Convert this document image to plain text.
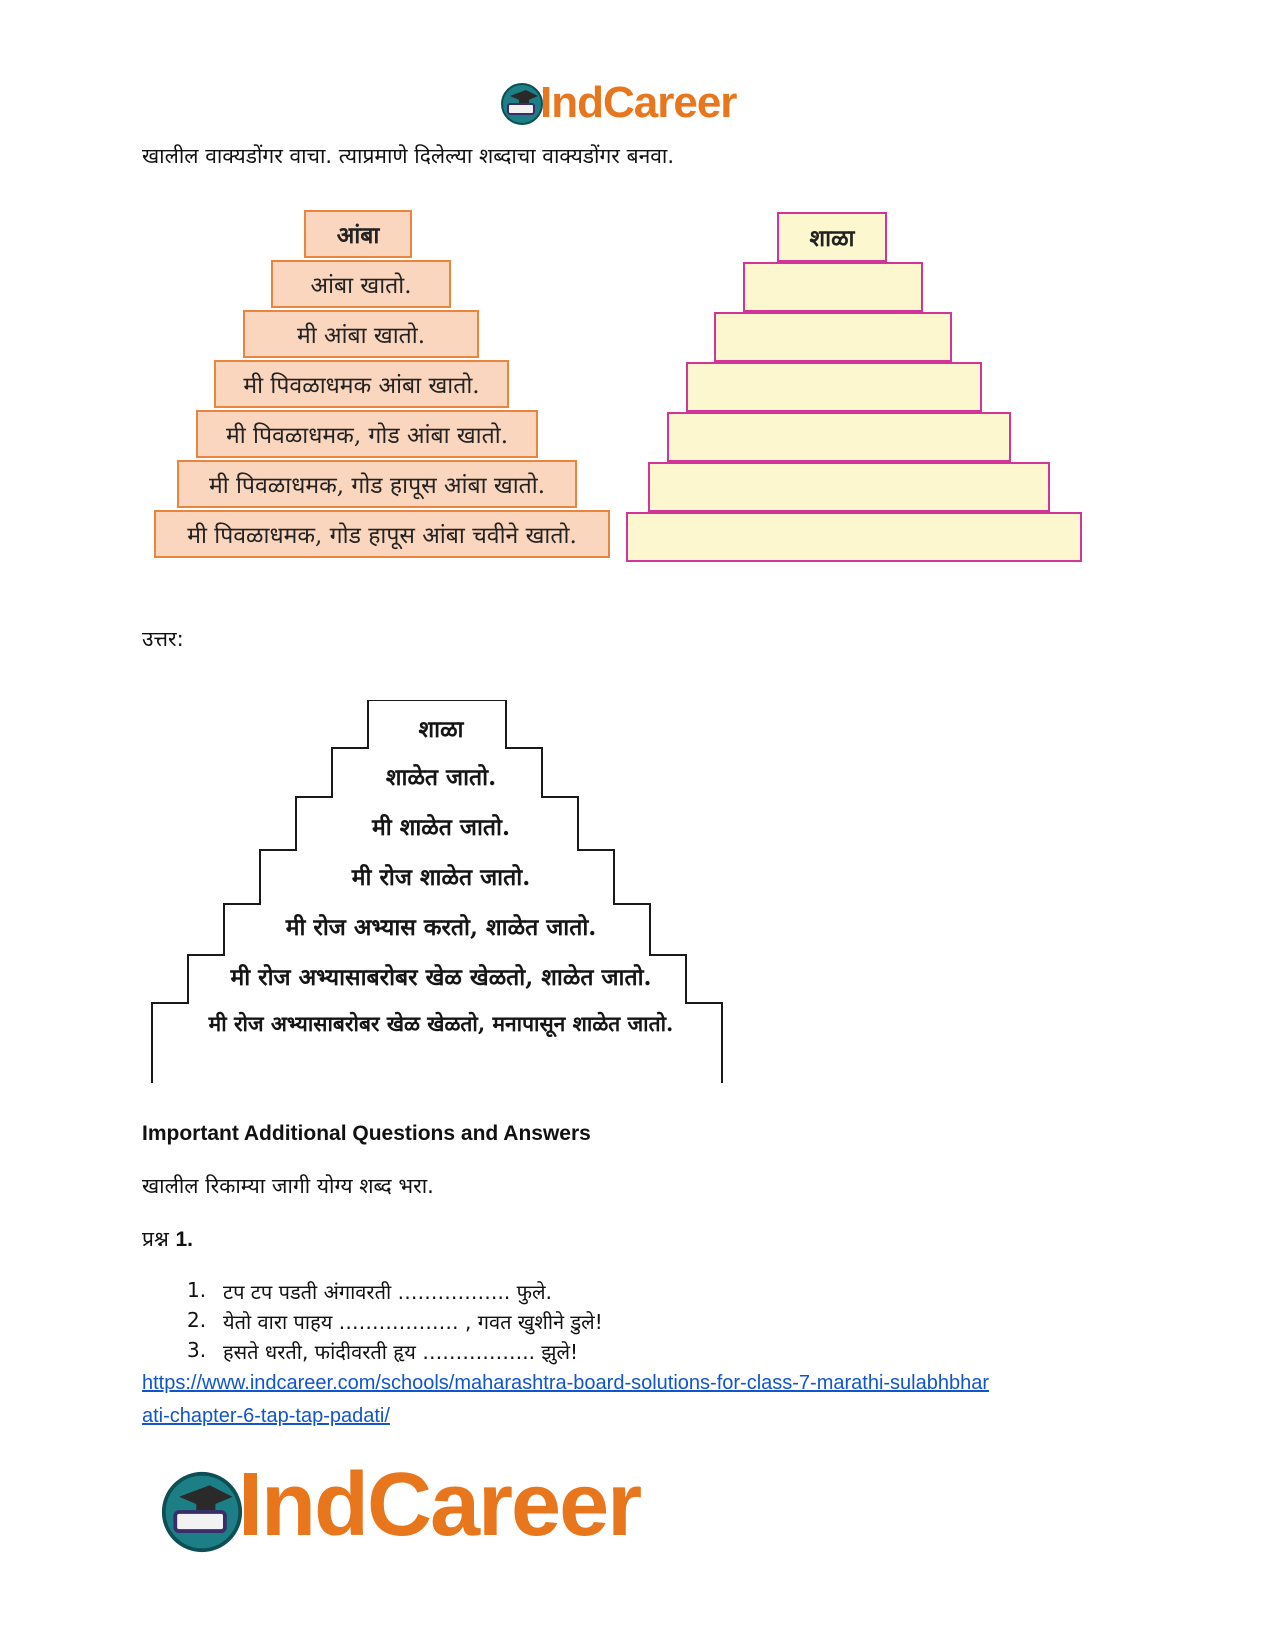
IndCareer
खालील वाक्यडोंगर वाचा. त्याप्रमाणे दिलेल्या शब्दाचा वाक्यडोंगर बनवा.
आंबा
आंबा खातो.
मी आंबा खातो.
मी पिवळाधमक आंबा खातो.
मी पिवळाधमक, गोड आंबा खातो.
मी पिवळाधमक, गोड हापूस आंबा खातो.
मी पिवळाधमक, गोड हापूस आंबा चवीने खातो.
शाळा
उत्तर:
शाळा
शाळेत जातो.
मी शाळेत जातो.
मी रोज शाळेत जातो.
मी रोज अभ्यास करतो, शाळेत जातो.
मी रोज अभ्यासाबरोबर खेळ खेळतो, शाळेत जातो.
मी रोज अभ्यासाबरोबर खेळ खेळतो, मनापासून शाळेत जातो.
Important Additional Questions and Answers
खालील रिकाम्या जागी योग्य शब्द भरा.
प्रश्न 1.
1. टप टप पडती अंगावरती …………….. फुले.
2. येतो वारा पाहय ……………… , गवत खुशीने डुले!
3. हसते धरती, फांदीवरती हृय …………….. झुले!
https://www.indcareer.com/schools/maharashtra-board-solutions-for-class-7-marathi-sulabhbhar
ati-chapter-6-tap-tap-padati/
IndCareer
